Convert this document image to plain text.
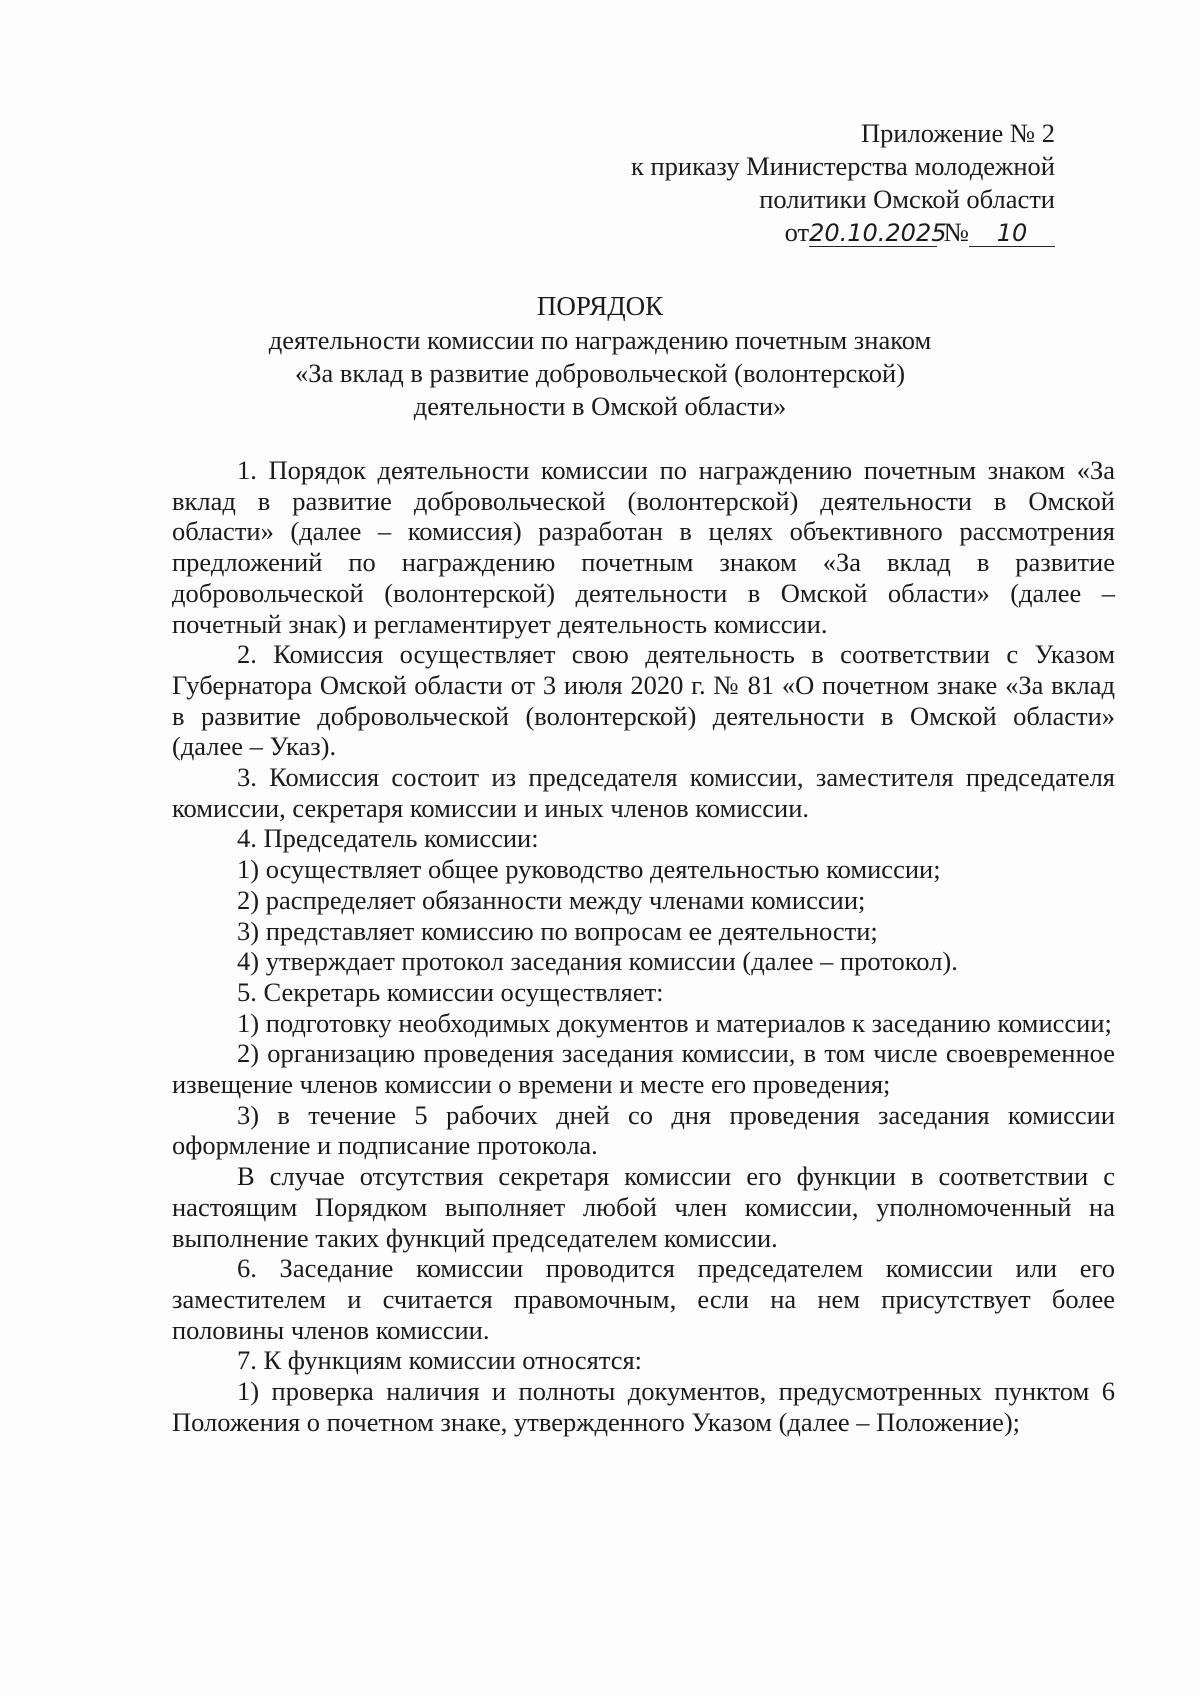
Приложение № 2
к приказу Министерства молодежной
политики Омской области
от20.10.2025 № 10
ПОРЯДОК
деятельности комиссии по награждению почетным знаком
«За вклад в развитие добровольческой (волонтерской)
деятельности в Омской области»

1. Порядок деятельности комиссии по награждению почетным знаком «За вклад в развитие добровольческой (волонтерской) деятельности в Омской области» (далее – комиссия) разработан в целях объективного рассмотрения предложений по награждению почетным знаком «За вклад в развитие добровольческой (волонтерской) деятельности в Омской области» (далее – почетный знак) и регламентирует деятельность комиссии.

2. Комиссия осуществляет свою деятельность в соответствии с Указом Губернатора Омской области от 3 июля 2020 г. № 81 «О почетном знаке «За вклад в развитие добровольческой (волонтерской) деятельности в Омской области» (далее – Указ).

3. Комиссия состоит из председателя комиссии, заместителя председателя комиссии, секретаря комиссии и иных членов комиссии.

4. Председатель комиссии:

1) осуществляет общее руководство деятельностью комиссии;

2) распределяет обязанности между членами комиссии;

3) представляет комиссию по вопросам ее деятельности;

4) утверждает протокол заседания комиссии (далее – протокол).

5. Секретарь комиссии осуществляет:

1) подготовку необходимых документов и материалов к заседанию комиссии;

2) организацию проведения заседания комиссии, в том числе своевременное извещение членов комиссии о времени и месте его проведения;

3) в течение 5 рабочих дней со дня проведения заседания комиссии оформление и подписание протокола.

В случае отсутствия секретаря комиссии его функции в соответствии с настоящим Порядком выполняет любой член комиссии, уполномоченный на выполнение таких функций председателем комиссии.

6. Заседание комиссии проводится председателем комиссии или его заместителем и считается правомочным, если на нем присутствует более половины членов комиссии.

7. К функциям комиссии относятся:

1) проверка наличия и полноты документов, предусмотренных пунктом 6 Положения о почетном знаке, утвержденного Указом (далее – Положение);
